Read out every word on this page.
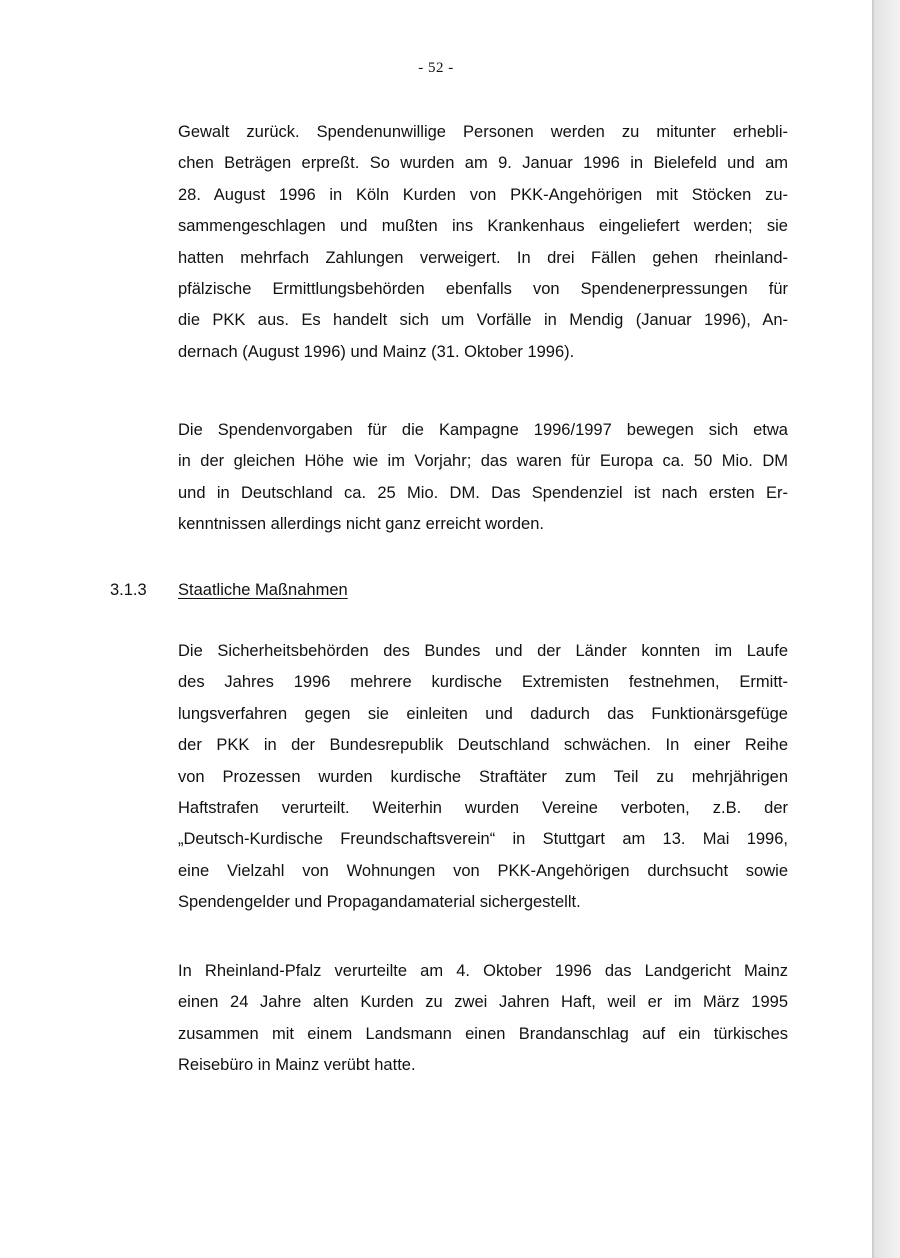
- 52 -

Gewalt zurück. Spendenunwillige Personen werden zu mitunter erhebli-
chen Beträgen erpreßt. So wurden am 9. Januar 1996 in Bielefeld und am
28. August 1996 in Köln Kurden von PKK-Angehörigen mit Stöcken zu-
sammengeschlagen und mußten ins Krankenhaus eingeliefert werden; sie
hatten mehrfach Zahlungen verweigert. In drei Fällen gehen rheinland-
pfälzische Ermittlungsbehörden ebenfalls von Spendenerpressungen für
die PKK aus. Es handelt sich um Vorfälle in Mendig (Januar 1996), An-
dernach (August 1996) und Mainz (31. Oktober 1996).

Die Spendenvorgaben für die Kampagne 1996/1997 bewegen sich etwa
in der gleichen Höhe wie im Vorjahr; das waren für Europa ca. 50 Mio. DM
und in Deutschland ca. 25 Mio. DM. Das Spendenziel ist nach ersten Er-
kenntnissen allerdings nicht ganz erreicht worden.

3.1.3 Staatliche Maßnahmen

Die Sicherheitsbehörden des Bundes und der Länder konnten im Laufe
des Jahres 1996 mehrere kurdische Extremisten festnehmen, Ermitt-
lungsverfahren gegen sie einleiten und dadurch das Funktionärsgefüge
der PKK in der Bundesrepublik Deutschland schwächen. In einer Reihe
von Prozessen wurden kurdische Straftäter zum Teil zu mehrjährigen
Haftstrafen verurteilt. Weiterhin wurden Vereine verboten, z.B. der
„Deutsch-Kurdische Freundschaftsverein“ in Stuttgart am 13. Mai 1996,
eine Vielzahl von Wohnungen von PKK-Angehörigen durchsucht sowie
Spendengelder und Propagandamaterial sichergestellt.

In Rheinland-Pfalz verurteilte am 4. Oktober 1996 das Landgericht Mainz
einen 24 Jahre alten Kurden zu zwei Jahren Haft, weil er im März 1995
zusammen mit einem Landsmann einen Brandanschlag auf ein türkisches
Reisebüro in Mainz verübt hatte.
